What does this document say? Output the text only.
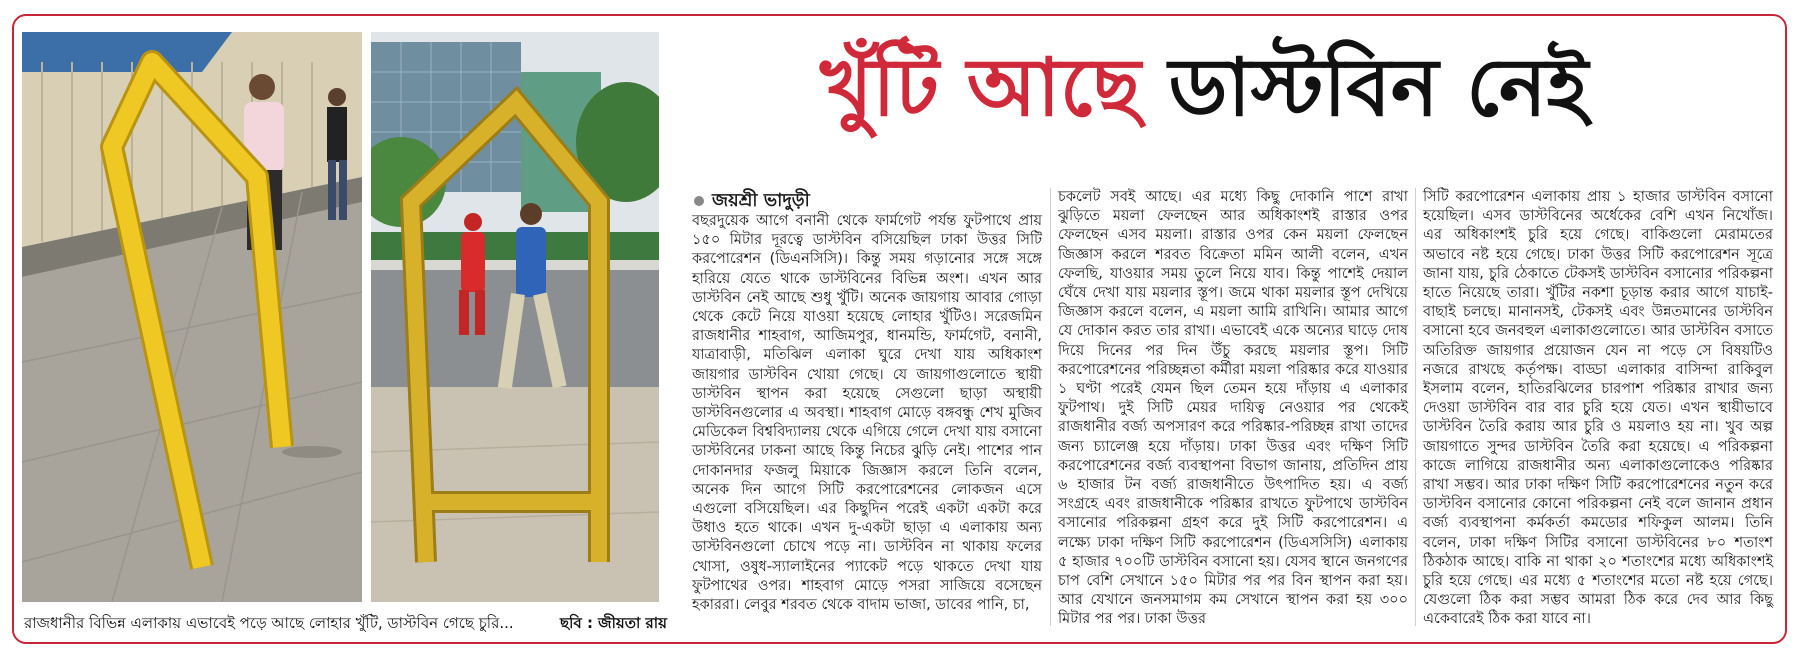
রাজধানীর বিভিন্ন এলাকায় এভাবেই পড়ে আছে লোহার খুঁটি, ডাস্টবিন গেছে চুরি...	ছবি : জীয়তা রায়
খুঁটি আছে ডাস্টবিন নেই
জয়শ্রী ভাদুড়ী
বছরদুয়েক আগে বনানী থেকে ফার্মগেট পর্যন্ত ফুটপাথে প্রায় ১৫০ মিটার দূরত্বে ডাস্টবিন বসিয়েছিল ঢাকা উত্তর সিটি করপোরেশন (ডিএনসিসি)। কিন্তু সময় গড়ানোর সঙ্গে সঙ্গে হারিয়ে যেতে থাকে ডাস্টবিনের বিভিন্ন অংশ। এখন আর ডাস্টবিন নেই আছে শুধু খুঁটি। অনেক জায়গায় আবার গোড়া থেকে কেটে নিয়ে যাওয়া হয়েছে লোহার খুঁটিও। সরেজমিন রাজধানীর শাহবাগ, আজিমপুর, ধানমন্ডি, ফার্মগেট, বনানী, যাত্রাবাড়ী, মতিঝিল এলাকা ঘুরে দেখা যায় অধিকাংশ জায়গার ডাস্টবিন খোয়া গেছে। যে জায়গাগুলোতে স্থায়ী ডাস্টবিন স্থাপন করা হয়েছে সেগুলো ছাড়া অস্থায়ী ডাস্টবিনগুলোর এ অবস্থা। শাহবাগ মোড়ে বঙ্গবন্ধু শেখ মুজিব মেডিকেল বিশ্ববিদ্যালয় থেকে এগিয়ে গেলে দেখা যায় বসানো ডাস্টবিনের ঢাকনা আছে কিন্তু নিচের ঝুড়ি নেই। পাশের পান দোকানদার ফজলু মিয়াকে জিজ্ঞাস করলে তিনি বলেন, অনেক দিন আগে সিটি করপোরেশনের লোকজন এসে এগুলো বসিয়েছিল। এর কিছুদিন পরেই একটা একটা করে উধাও হতে থাকে। এখন দু-একটা ছাড়া এ এলাকায় অন্য ডাস্টবিনগুলো চোখে পড়ে না। ডাস্টবিন না থাকায় ফলের খোসা, ওষুধ-স্যালাইনের প্যাকেট পড়ে থাকতে দেখা যায় ফুটপাথের ওপর। শাহবাগ মোড়ে পসরা সাজিয়ে বসেছেন হকাররা। লেবুর শরবত থেকে বাদাম ভাজা, ডাবের পানি, চা,
চকলেট সবই আছে। এর মধ্যে কিছু দোকানি পাশে রাখা ঝুড়িতে ময়লা ফেলছেন আর অধিকাংশই রাস্তার ওপর ফেলছেন এসব ময়লা। রাস্তার ওপর কেন ময়লা ফেলছেন জিজ্ঞাস করলে শরবত বিক্রেতা মমিন আলী বলেন, এখন ফেলছি, যাওয়ার সময় তুলে নিয়ে যাব। কিন্তু পাশেই দেয়াল ঘেঁষে দেখা যায় ময়লার স্তূপ। জমে থাকা ময়লার স্তূপ দেখিয়ে জিজ্ঞাস করলে বলেন, এ ময়লা আমি রাখিনি। আমার আগে যে দোকান করত তার রাখা। এভাবেই একে অন্যের ঘাড়ে দোষ দিয়ে দিনের পর দিন উঁচু করছে ময়লার স্তূপ। সিটি করপোরেশনের পরিচ্ছন্নতা কর্মীরা ময়লা পরিষ্কার করে যাওয়ার ১ ঘণ্টা পরেই যেমন ছিল তেমন হয়ে দাঁড়ায় এ এলাকার ফুটপাথ। দুই সিটি মেয়র দায়িত্ব নেওয়ার পর থেকেই রাজধানীর বর্জ্য অপসারণ করে পরিষ্কার-পরিচ্ছন্ন রাখা তাদের জন্য চ্যালেঞ্জ হয়ে দাঁড়ায়। ঢাকা উত্তর এবং দক্ষিণ সিটি করপোরেশনের বর্জ্য ব্যবস্থাপনা বিভাগ জানায়, প্রতিদিন প্রায় ৬ হাজার টন বর্জ্য রাজধানীতে উৎপাদিত হয়। এ বর্জ্য সংগ্রহে এবং রাজধানীকে পরিষ্কার রাখতে ফুটপাথে ডাস্টবিন বসানোর পরিকল্পনা গ্রহণ করে দুই সিটি করপোরেশন। এ লক্ষ্যে ঢাকা দক্ষিণ সিটি করপোরেশন (ডিএসসিসি) এলাকায় ৫ হাজার ৭০০টি ডাস্টবিন বসানো হয়। যেসব স্থানে জনগণের চাপ বেশি সেখানে ১৫০ মিটার পর পর বিন স্থাপন করা হয়। আর যেখানে জনসমাগম কম সেখানে স্থাপন করা হয় ৩০০ মিটার পর পর। ঢাকা উত্তর
সিটি করপোরেশন এলাকায় প্রায় ১ হাজার ডাস্টবিন বসানো হয়েছিল। এসব ডাস্টবিনের অর্ধেকের বেশি এখন নিখোঁজ। এর অধিকাংশই চুরি হয়ে গেছে। বাকিগুলো মেরামতের অভাবে নষ্ট হয়ে গেছে। ঢাকা উত্তর সিটি করপোরেশন সূত্রে জানা যায়, চুরি ঠেকাতে টেকসই ডাস্টবিন বসানোর পরিকল্পনা হাতে নিয়েছে তারা। খুঁটির নকশা চূড়ান্ত করার আগে যাচাই-বাছাই চলছে। মানানসই, টেকসই এবং উন্নতমানের ডাস্টবিন বসানো হবে জনবহুল এলাকাগুলোতে। আর ডাস্টবিন বসাতে অতিরিক্ত জায়গার প্রয়োজন যেন না পড়ে সে বিষয়টিও নজরে রাখছে কর্তৃপক্ষ। বাড্ডা এলাকার বাসিন্দা রাকিবুল ইসলাম বলেন, হাতিরঝিলের চারপাশ পরিষ্কার রাখার জন্য দেওয়া ডাস্টবিন বার বার চুরি হয়ে যেত। এখন স্থায়ীভাবে ডাস্টবিন তৈরি করায় আর চুরি ও ময়লাও হয় না। খুব অল্প জায়গাতে সুন্দর ডাস্টবিন তৈরি করা হয়েছে। এ পরিকল্পনা কাজে লাগিয়ে রাজধানীর অন্য এলাকাগুলোকেও পরিষ্কার রাখা সম্ভব। আর ঢাকা দক্ষিণ সিটি করপোরেশনের নতুন করে ডাস্টবিন বসানোর কোনো পরিকল্পনা নেই বলে জানান প্রধান বর্জ্য ব্যবস্থাপনা কর্মকর্তা কমডোর শফিকুল আলম। তিনি বলেন, ঢাকা দক্ষিণ সিটির বসানো ডাস্টবিনের ৮০ শতাংশ ঠিকঠাক আছে। বাকি না থাকা ২০ শতাংশের মধ্যে অধিকাংশই চুরি হয়ে গেছে। এর মধ্যে ৫ শতাংশের মতো নষ্ট হয়ে গেছে। যেগুলো ঠিক করা সম্ভব আমরা ঠিক করে দেব আর কিছু একেবারেই ঠিক করা যাবে না।
